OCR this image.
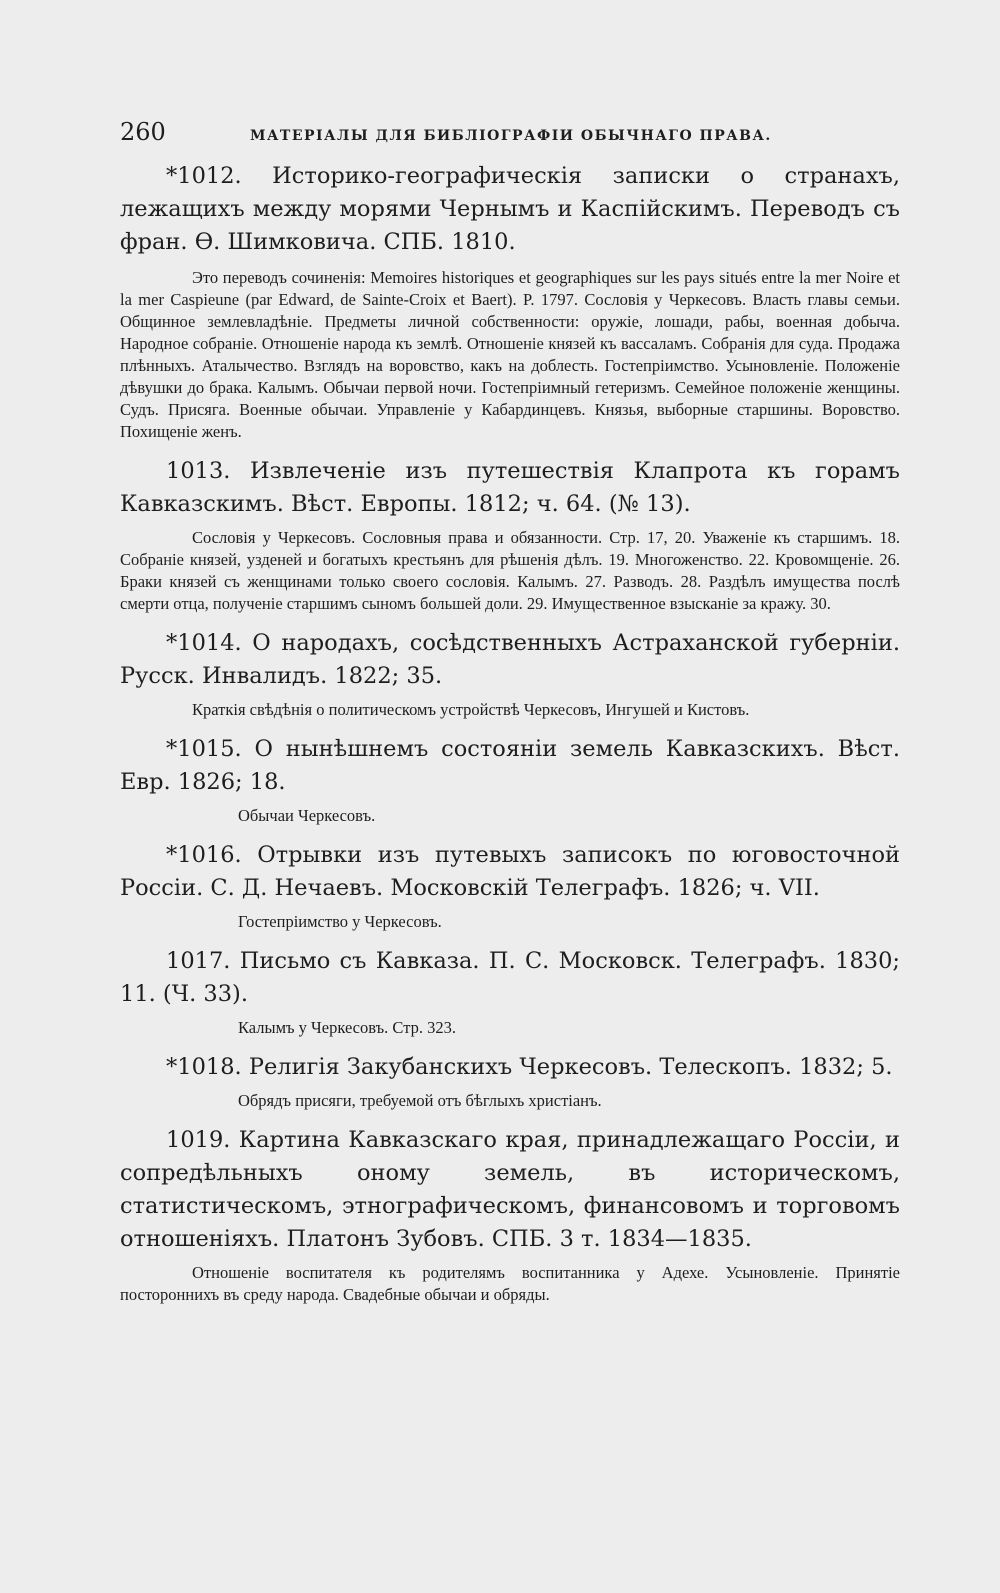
260	МАТЕРІАЛЫ ДЛЯ БИБЛІОГРАФІИ ОБЫЧНАГО ПРАВА.

*1012. Историко-географическія записки о странахъ, лежащихъ между морями Чернымъ и Каспійскимъ. Переводъ съ фран. Ѳ. Шимковича. СПБ. 1810.

Это переводъ сочиненія: Memoires historiques et geographiques sur les pays situés entre la mer Noire et la mer Caspieune (par Edward, de Sainte-Croix et Baert). P. 1797. Сословія у Черкесовъ. Власть главы семьи. Общинное землевладѣніе. Предметы личной собственности: оружіе, лошади, рабы, военная добыча. Народное собраніе. Отношеніе народа къ землѣ. Отношеніе князей къ вассаламъ. Собранія для суда. Продажа плѣнныхъ. Аталычество. Взглядъ на воровство, какъ на доблесть. Гостепріимство. Усыновленіе. Положеніе дѣвушки до брака. Калымъ. Обычаи первой ночи. Гостепріимный гетеризмъ. Семейное положеніе женщины. Судъ. Присяга. Военные обычаи. Управленіе у Кабардинцевъ. Князья, выборные старшины. Воровство. Похищеніе женъ.

1013. Извлеченіе изъ путешествія Клапрота къ горамъ Кавказскимъ. Вѣст. Европы. 1812; ч. 64. (№ 13).

Сословія у Черкесовъ. Сословныя права и обязанности. Стр. 17, 20. Уваженіе къ старшимъ. 18. Собраніе князей, узденей и богатыхъ крестьянъ для рѣшенія дѣлъ. 19. Многоженство. 22. Кровомщеніе. 26. Браки князей съ женщинами только своего сословія. Калымъ. 27. Разводъ. 28. Раздѣлъ имущества послѣ смерти отца, полученіе старшимъ сыномъ большей доли. 29. Имущественное взысканіе за кражу. 30.

*1014. О народахъ, сосѣдственныхъ Астраханской губерніи. Русск. Инвалидъ. 1822; 35.

Краткія свѣдѣнія о политическомъ устройствѣ Черкесовъ, Ингушей и Кистовъ.

*1015. О нынѣшнемъ состояніи земель Кавказскихъ. Вѣст. Евр. 1826; 18.

Обычаи Черкесовъ.

*1016. Отрывки изъ путевыхъ записокъ по юговосточной Россіи. С. Д. Нечаевъ. Московскій Телеграфъ. 1826; ч. VII.

Гостепріимство у Черкесовъ.

1017. Письмо съ Кавказа. П. С. Московск. Телеграфъ. 1830; 11. (Ч. 33).

Калымъ у Черкесовъ. Стр. 323.

*1018. Религія Закубанскихъ Черкесовъ. Телескопъ. 1832; 5.

Обрядъ присяги, требуемой отъ бѣглыхъ христіанъ.

1019. Картина Кавказскаго края, принадлежащаго Россіи, и сопредѣльныхъ оному земель, въ историческомъ, статистическомъ, этнографическомъ, финансовомъ и торговомъ отношеніяхъ. Платонъ Зубовъ. СПБ. 3 т. 1834—1835.

Отношеніе воспитателя къ родителямъ воспитанника у Адехе. Усыновленіе. Принятіе постороннихъ въ среду народа. Свадебные обычаи и обряды.
